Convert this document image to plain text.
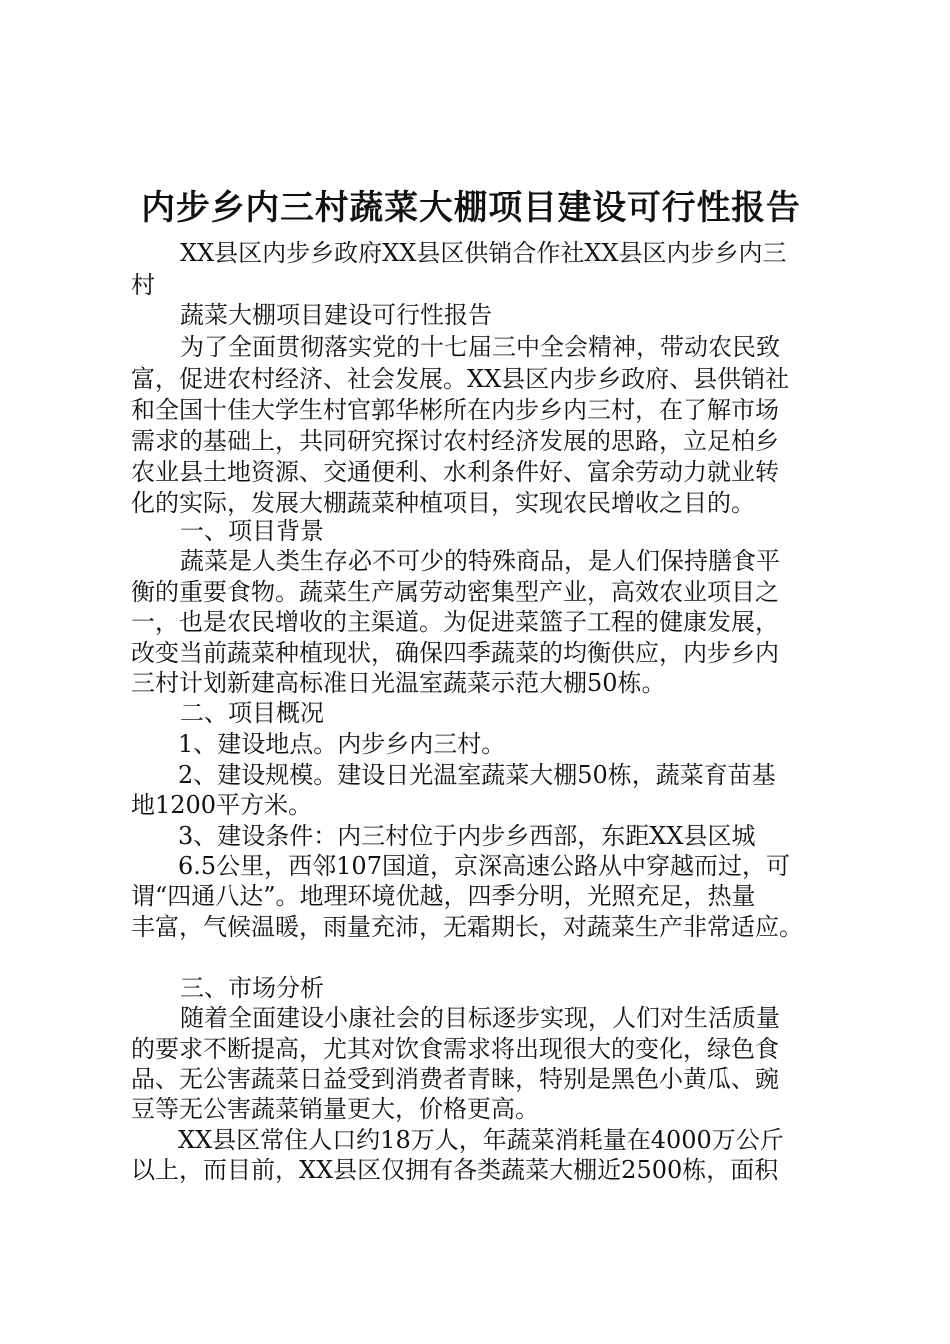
内步乡内三村蔬菜大棚项目建设可行性报告
XX县区内步乡政府XX县区供销合作社XX县区内步乡内三
村
蔬菜大棚项目建设可行性报告
为了全面贯彻落实党的十七届三中全会精神，带动农民致
富，促进农村经济、社会发展。XX县区内步乡政府、县供销社
和全国十佳大学生村官郭华彬所在内步乡内三村，在了解市场
需求的基础上，共同研究探讨农村经济发展的思路，立足柏乡
农业县土地资源、交通便利、水利条件好、富余劳动力就业转
化的实际，发展大棚蔬菜种植项目，实现农民增收之目的。
一、项目背景
蔬菜是人类生存必不可少的特殊商品，是人们保持膳食平
衡的重要食物。蔬菜生产属劳动密集型产业，高效农业项目之
一，也是农民增收的主渠道。为促进菜篮子工程的健康发展，
改变当前蔬菜种植现状，确保四季蔬菜的均衡供应，内步乡内
三村计划新建高标准日光温室蔬菜示范大棚50栋。
二、项目概况
1、建设地点。内步乡内三村。
2、建设规模。建设日光温室蔬菜大棚50栋，蔬菜育苗基
地1200平方米。
3、建设条件：内三村位于内步乡西部，东距XX县区城
6.5公里，西邻107国道，京深高速公路从中穿越而过，可
谓“四通八达”。地理环境优越，四季分明，光照充足，热量
丰富，气候温暖，雨量充沛，无霜期长，对蔬菜生产非常适应。
三、市场分析
随着全面建设小康社会的目标逐步实现，人们对生活质量
的要求不断提高，尤其对饮食需求将出现很大的变化，绿色食
品、无公害蔬菜日益受到消费者青睐，特别是黑色小黄瓜、豌
豆等无公害蔬菜销量更大，价格更高。
XX县区常住人口约18万人，年蔬菜消耗量在4000万公斤
以上，而目前，XX县区仅拥有各类蔬菜大棚近2500栋，面积
